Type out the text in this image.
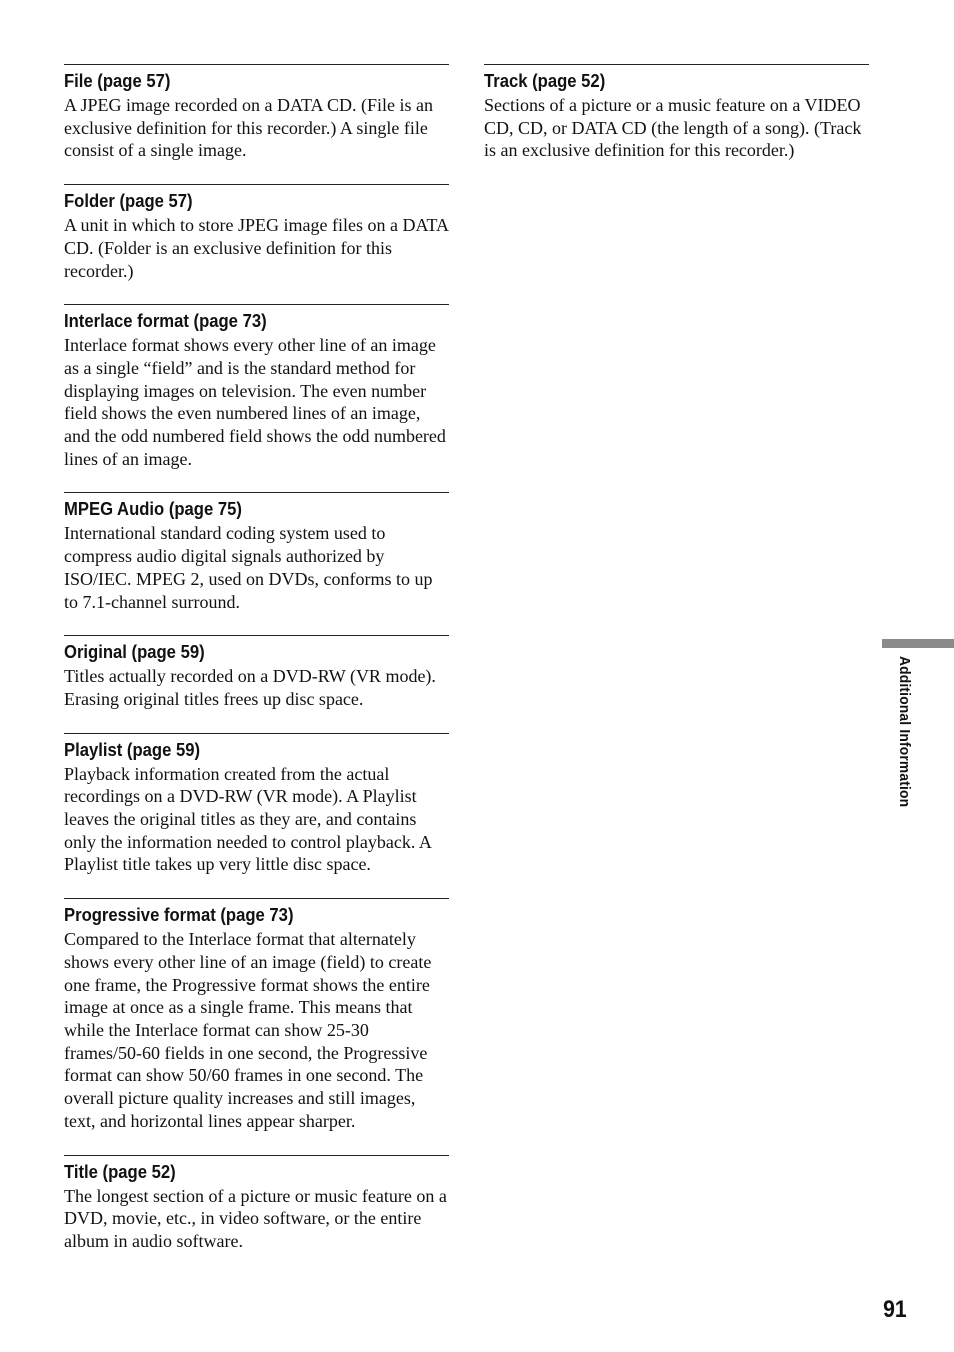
File (page 57)

A JPEG image recorded on a DATA CD. (File is an exclusive definition for this recorder.) A single file consist of a single image.

Folder (page 57)

A unit in which to store JPEG image files on a DATA CD. (Folder is an exclusive definition for this recorder.)

Interlace format (page 73)

Interlace format shows every other line of an image as a single “field” and is the standard method for displaying images on television. The even number field shows the even numbered lines of an image, and the odd numbered field shows the odd numbered lines of an image.

MPEG Audio (page 75)

International standard coding system used to compress audio digital signals authorized by ISO/IEC. MPEG 2, used on DVDs, conforms to up to 7.1-channel surround.

Original (page 59)

Titles actually recorded on a DVD-RW (VR mode). Erasing original titles frees up disc space.

Playlist (page 59)

Playback information created from the actual recordings on a DVD-RW (VR mode). A Playlist leaves the original titles as they are, and contains only the information needed to control playback. A Playlist title takes up very little disc space.

Progressive format (page 73)

Compared to the Interlace format that alternately shows every other line of an image (field) to create one frame, the Progressive format shows the entire image at once as a single frame. This means that while the Interlace format can show 25-30 frames/50-60 fields in one second, the Progressive format can show 50/60 frames in one second. The overall picture quality increases and still images, text, and horizontal lines appear sharper.

Title (page 52)

The longest section of a picture or music feature on a DVD, movie, etc., in video software, or the entire album in audio software.

Track (page 52)

Sections of a picture or a music feature on a VIDEO CD, CD, or DATA CD (the length of a song). (Track is an exclusive definition for this recorder.)

Additional Information
91
